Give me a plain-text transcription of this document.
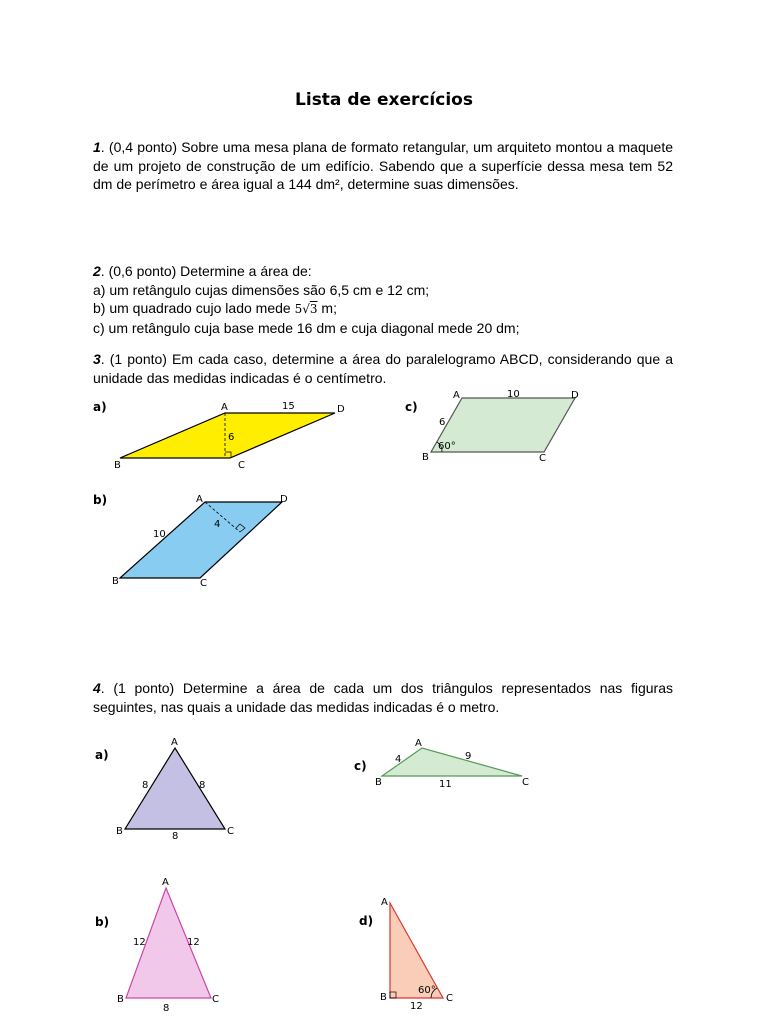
Lista de exercícios
1. (0,4 ponto) Sobre uma mesa plana de formato retangular, um arquiteto montou a maquete de um projeto de construção de um edifício. Sabendo que a superfície dessa mesa tem 52 dm de perímetro e área igual a 144 dm², determine suas dimensões.
2. (0,6 ponto) Determine a área de:
a) um retângulo cujas dimensões são 6,5 cm e 12 cm;
b) um quadrado cujo lado mede 5√3 m;
c) um retângulo cuja base mede 16 dm e cuja diagonal mede 20 dm;
3. (1 ponto) Em cada caso, determine a área do paralelogramo ABCD, considerando que a unidade das medidas indicadas é o centímetro.
a)	A
B	C
D
15
6
c)
A
B	C
D
10
6
60°
b)	A
B	C
D
10
4
4. (1 ponto) Determine a área de cada um dos triângulos representados nas figuras seguintes, nas quais a unidade das medidas indicadas é o metro.
a)
A
B	C
8	8
8
c)
A
B	C
4	9
11
b)
A
B	C
12	12
8
d)
A
B	C
12
60°
